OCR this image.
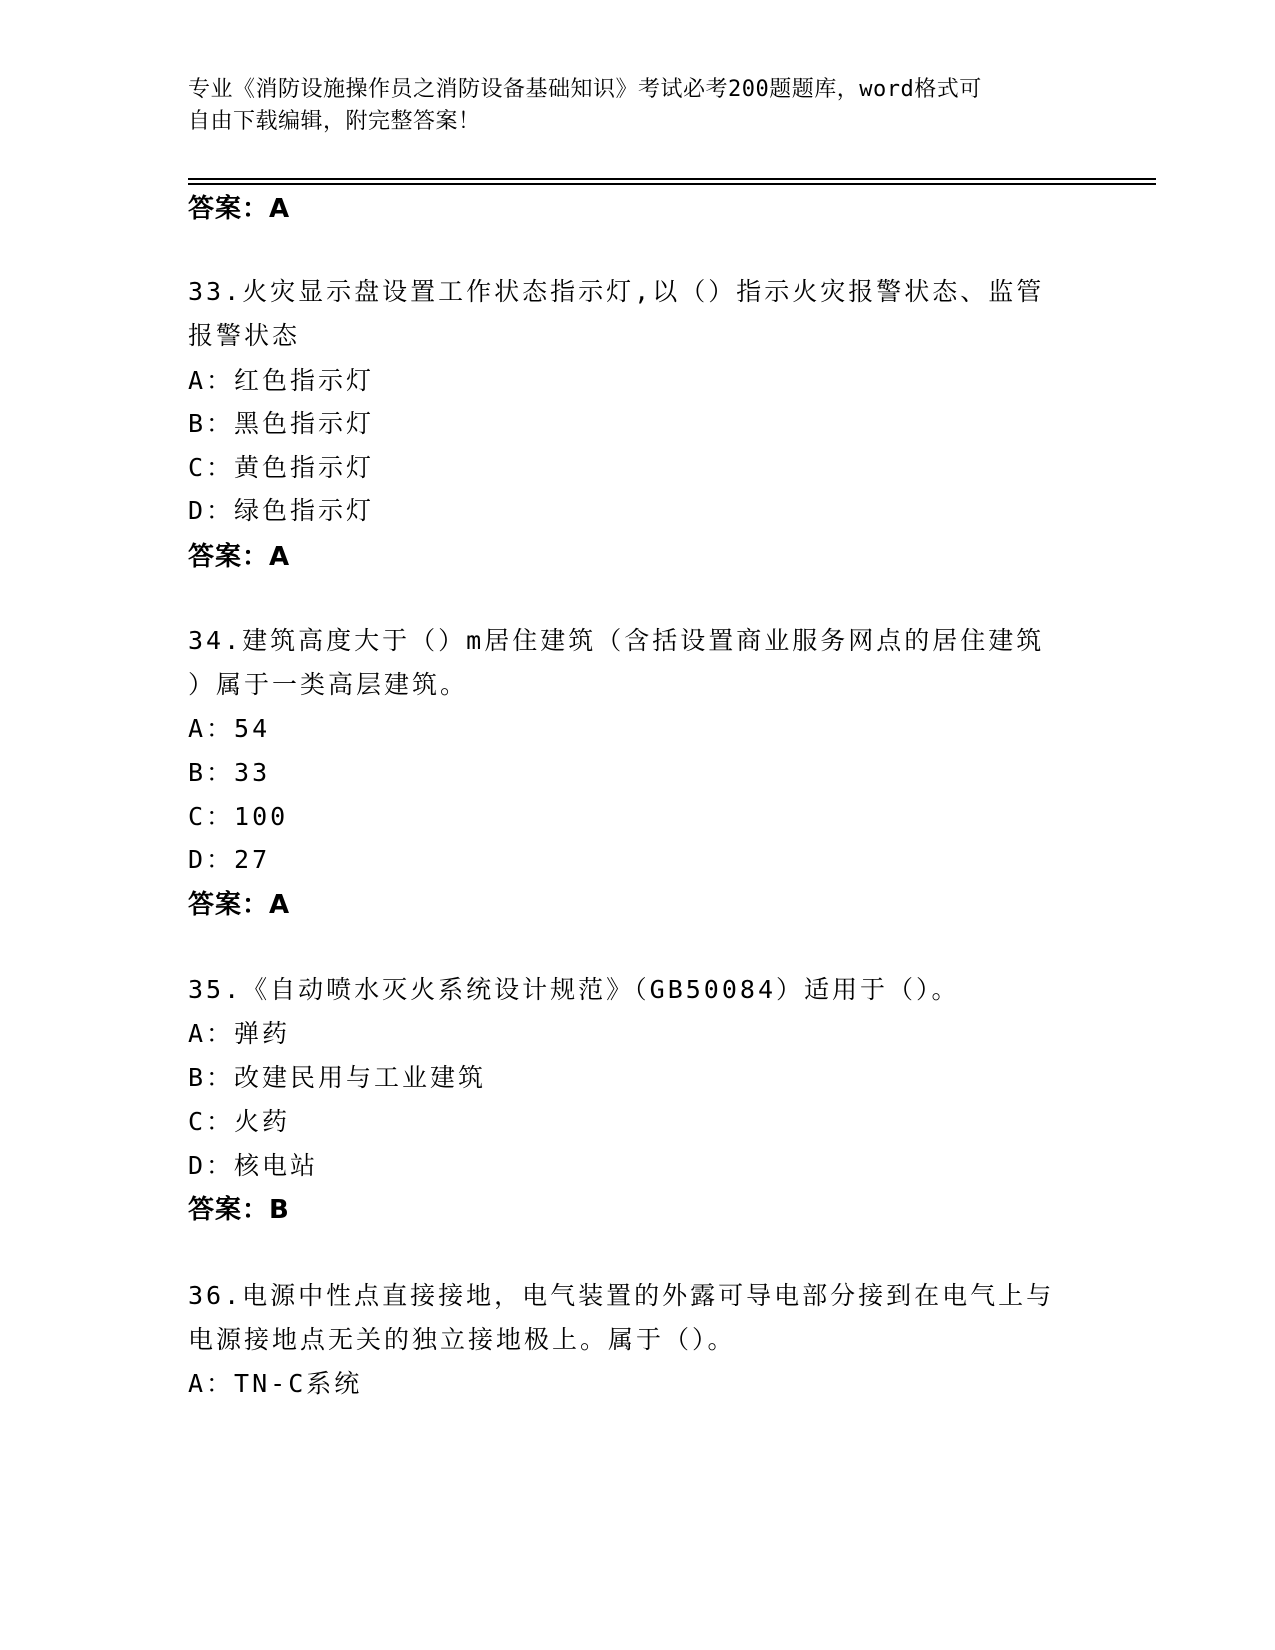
专业《消防设施操作员之消防设备基础知识》考试必考200题题库，word格式可
自由下载编辑，附完整答案！
答案：A
33.火灾显示盘设置工作状态指示灯,以（）指示火灾报警状态、监管
报警状态
A：红色指示灯
B：黑色指示灯
C：黄色指示灯
D：绿色指示灯
答案：A
34.建筑高度大于（）m居住建筑（含括设置商业服务网点的居住建筑
）属于一类高层建筑。
A：54
B：33
C：100
D：27
答案：A
35.《自动喷水灭火系统设计规范》（GB50084）适用于（）。
A：弹药
B：改建民用与工业建筑
C：火药
D：核电站
答案：B
36.电源中性点直接接地，电气装置的外露可导电部分接到在电气上与
电源接地点无关的独立接地极上。属于（）。
A：TN-C系统
